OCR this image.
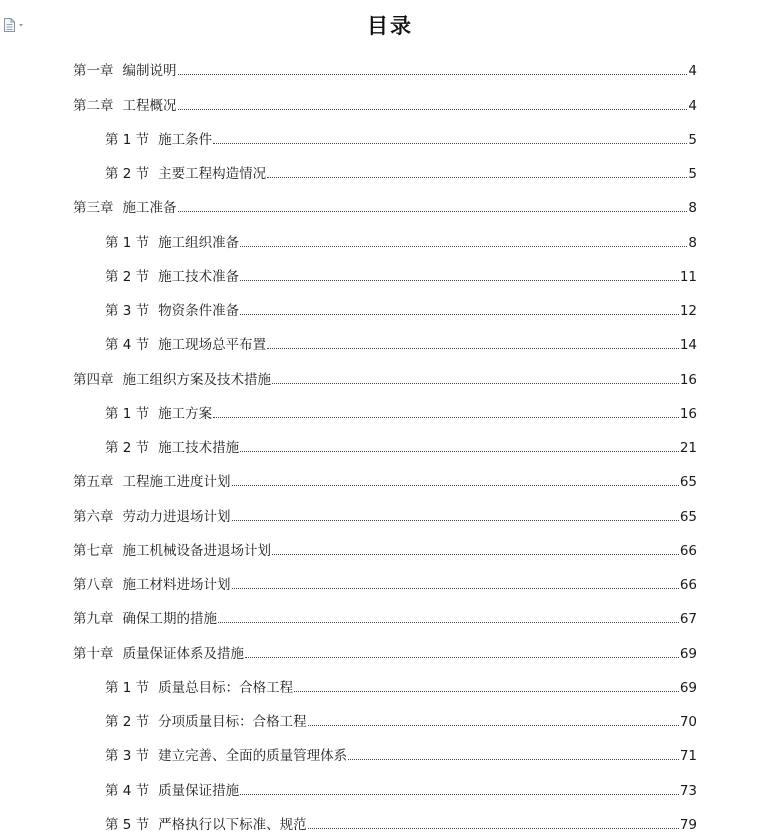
目录
第一章 编制说明	4
第二章 工程概况	4
第 1 节 施工条件	5
第 2 节 主要工程构造情况	5
第三章 施工准备	8
第 1 节 施工组织准备	8
第 2 节 施工技术准备	11
第 3 节 物资条件准备	12
第 4 节 施工现场总平布置	14
第四章 施工组织方案及技术措施	16
第 1 节 施工方案	16
第 2 节 施工技术措施	21
第五章 工程施工进度计划	65
第六章 劳动力进退场计划	65
第七章 施工机械设备进退场计划	66
第八章 施工材料进场计划	66
第九章 确保工期的措施	67
第十章 质量保证体系及措施	69
第 1 节 质量总目标：合格工程	69
第 2 节 分项质量目标：合格工程	70
第 3 节 建立完善、全面的质量管理体系	71
第 4 节 质量保证措施	73
第 5 节 严格执行以下标准、规范	79
